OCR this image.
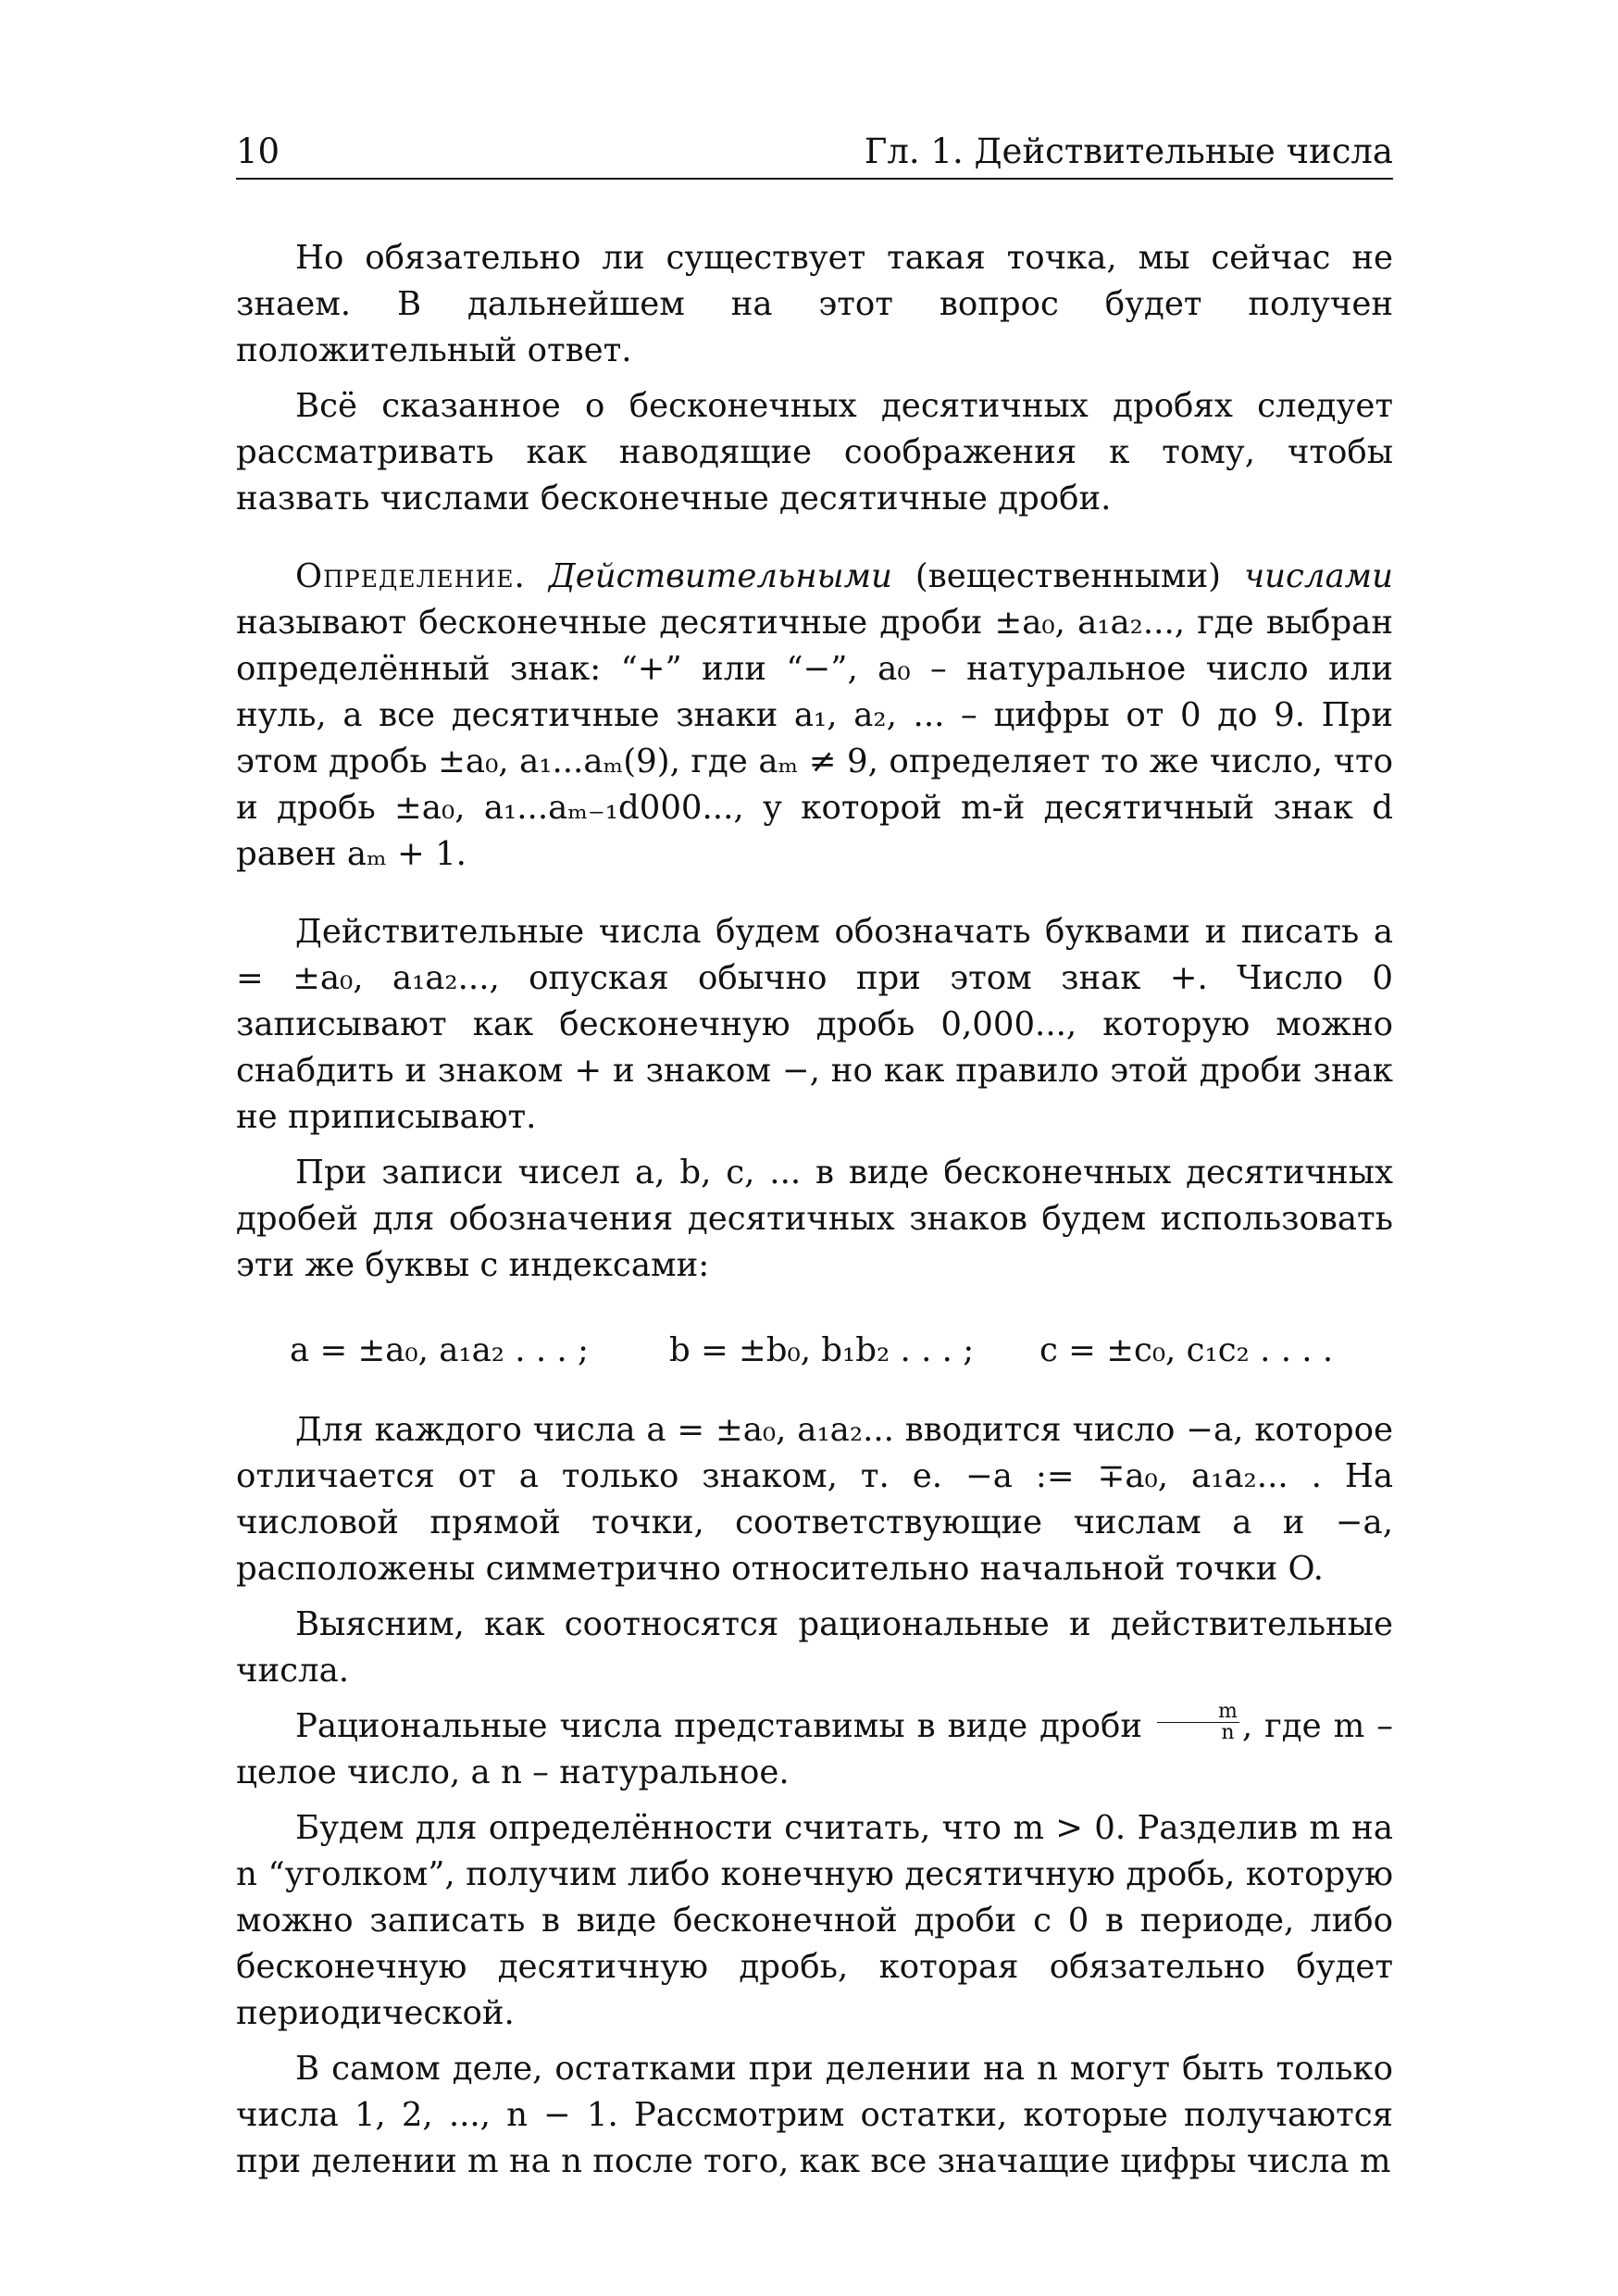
10	Гл. 1. Действительные числа

Но обязательно ли существует такая точка, мы сейчас не знаем. В дальнейшем на этот вопрос будет получен положительный ответ.

Всё сказанное о бесконечных десятичных дробях следует рассматривать как наводящие соображения к тому, чтобы назвать числами бесконечные десятичные дроби.

Определение. Действительными (вещественными) числами называют бесконечные десятичные дроби ±a₀, a₁a₂..., где выбран определённый знак: “+” или “−”, a₀ – натуральное число или нуль, а все десятичные знаки a₁, a₂, ... – цифры от 0 до 9. При этом дробь ±a₀, a₁...aₘ(9), где aₘ ≠ 9, определяет то же число, что и дробь ±a₀, a₁...aₘ₋₁d000..., у которой m-й десятичный знак d равен aₘ + 1.

Действительные числа будем обозначать буквами и писать a = ±a₀, a₁a₂..., опуская обычно при этом знак +. Число 0 записывают как бесконечную дробь 0,000..., которую можно снабдить и знаком + и знаком −, но как правило этой дроби знак не приписывают.

При записи чисел a, b, c, ... в виде бесконечных десятичных дробей для обозначения десятичных знаков будем использовать эти же буквы с индексами:

a = ±a₀, a₁a₂ . . . ;	b = ±b₀, b₁b₂ . . . ;	c = ±c₀, c₁c₂ . . . .

Для каждого числа a = ±a₀, a₁a₂... вводится число −a, которое отличается от a только знаком, т. е. −a := ∓a₀, a₁a₂... . На числовой прямой точки, соответствующие числам a и −a, расположены симметрично относительно начальной точки O.

Выясним, как соотносятся рациональные и действительные числа.

Рациональные числа представимы в виде дроби $\frac{m}{n}$ , где m – целое число, а n – натуральное.

Будем для определённости считать, что m > 0. Разделив m на n “уголком”, получим либо конечную десятичную дробь, которую можно записать в виде бесконечной дроби с 0 в периоде, либо бесконечную десятичную дробь, которая обязательно будет периодической.

В самом деле, остатками при делении на n могут быть только числа 1, 2, ..., n − 1. Рассмотрим остатки, которые получаются при делении m на n после того, как все значащие цифры числа m
